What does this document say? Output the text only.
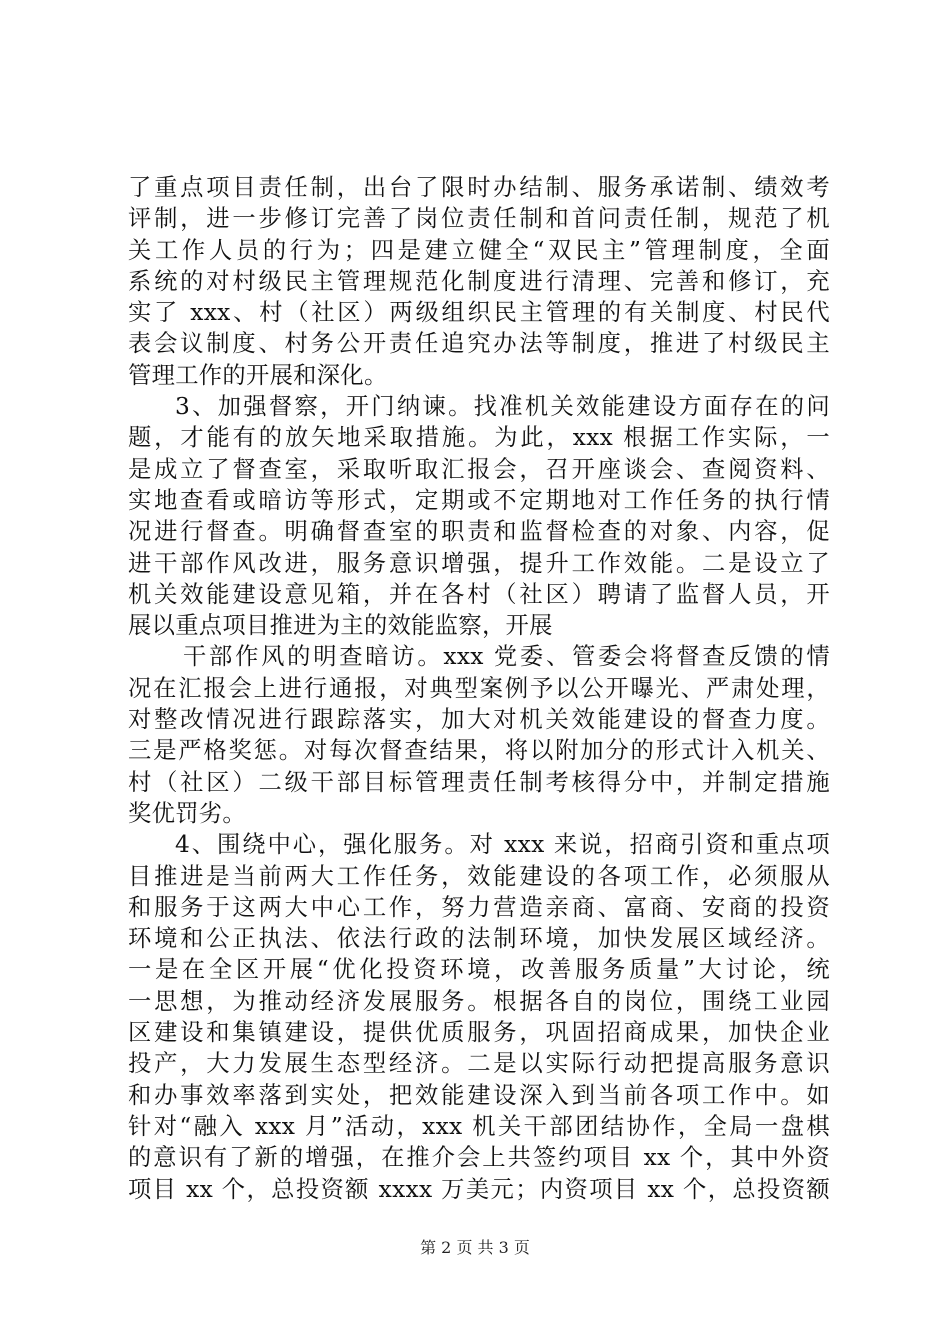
了重点项目责任制，出台了限时办结制、服务承诺制、绩效考
评制，进一步修订完善了岗位责任制和首问责任制，规范了机
关工作人员的行为；四是建立健全“双民主”管理制度，全面
系统的对村级民主管理规范化制度进行清理、完善和修订，充
实了 xxx、村（社区）两级组织民主管理的有关制度、村民代
表会议制度、村务公开责任追究办法等制度，推进了村级民主
管理工作的开展和深化。
3、加强督察，开门纳谏。找准机关效能建设方面存在的问
题，才能有的放矢地采取措施。为此，xxx 根据工作实际，一
是成立了督查室，采取听取汇报会，召开座谈会、查阅资料、
实地查看或暗访等形式，定期或不定期地对工作任务的执行情
况进行督查。明确督查室的职责和监督检查的对象、内容，促
进干部作风改进，服务意识增强，提升工作效能。二是设立了
机关效能建设意见箱，并在各村（社区）聘请了监督人员，开
展以重点项目推进为主的效能监察，开展
干部作风的明查暗访。xxx 党委、管委会将督查反馈的情
况在汇报会上进行通报，对典型案例予以公开曝光、严肃处理，
对整改情况进行跟踪落实，加大对机关效能建设的督查力度。
三是严格奖惩。对每次督查结果，将以附加分的形式计入机关、
村（社区）二级干部目标管理责任制考核得分中，并制定措施
奖优罚劣。
4、围绕中心，强化服务。对 xxx 来说，招商引资和重点项
目推进是当前两大工作任务，效能建设的各项工作，必须服从
和服务于这两大中心工作，努力营造亲商、富商、安商的投资
环境和公正执法、依法行政的法制环境，加快发展区域经济。
一是在全区开展“优化投资环境，改善服务质量”大讨论，统
一思想，为推动经济发展服务。根据各自的岗位，围绕工业园
区建设和集镇建设，提供优质服务，巩固招商成果，加快企业
投产，大力发展生态型经济。二是以实际行动把提高服务意识
和办事效率落到实处，把效能建设深入到当前各项工作中。如
针对“融入 xxx 月”活动，xxx 机关干部团结协作，全局一盘棋
的意识有了新的增强，在推介会上共签约项目 xx 个，其中外资
项目 xx 个，总投资额 xxxx 万美元；内资项目 xx 个，总投资额
第 2 页 共 3 页
